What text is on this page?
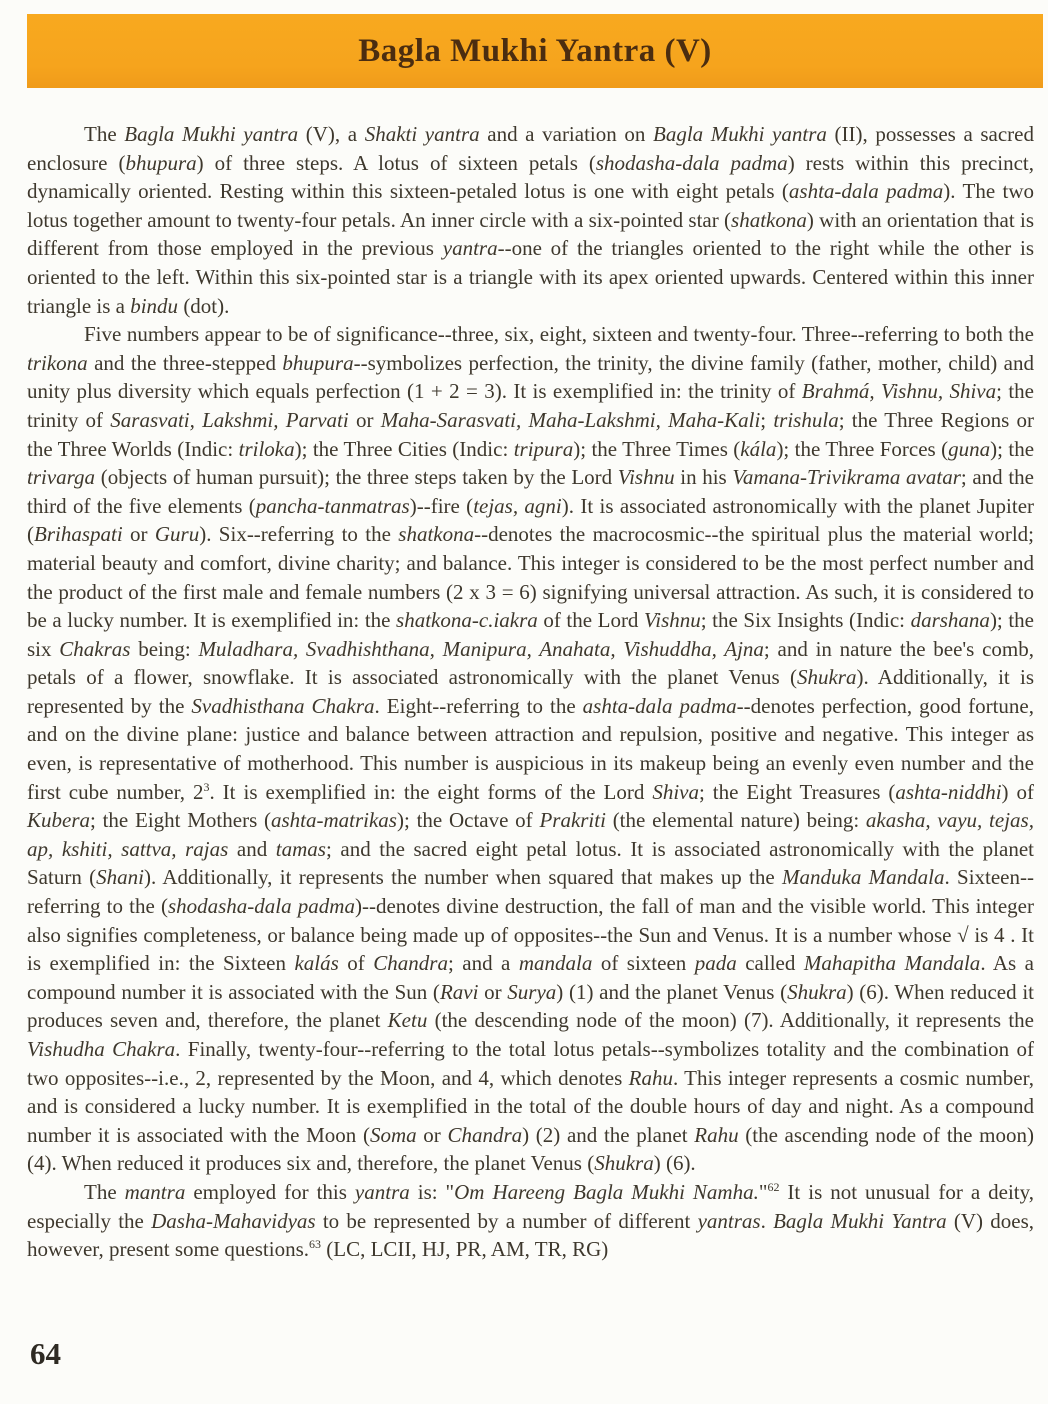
Bagla Mukhi Yantra (V)

The Bagla Mukhi yantra (V), a Shakti yantra and a variation on Bagla Mukhi yantra (II), possesses a sacred enclosure (bhupura) of three steps. A lotus of sixteen petals (shodasha-dala padma) rests within this precinct, dynamically oriented. Resting within this sixteen-petaled lotus is one with eight petals (ashta-dala padma). The two lotus together amount to twenty-four petals. An inner circle with a six-pointed star (shatkona) with an orientation that is different from those employed in the previous yantra--one of the triangles oriented to the right while the other is oriented to the left. Within this six-pointed star is a triangle with its apex oriented upwards. Centered within this inner triangle is a bindu (dot).

Five numbers appear to be of significance--three, six, eight, sixteen and twenty-four. Three--referring to both the trikona and the three-stepped bhupura--symbolizes perfection, the trinity, the divine family (father, mother, child) and unity plus diversity which equals perfection (1 + 2 = 3). It is exemplified in: the trinity of Brahmá, Vishnu, Shiva; the trinity of Sarasvati, Lakshmi, Parvati or Maha-Sarasvati, Maha-Lakshmi, Maha-Kali; trishula; the Three Regions or the Three Worlds (Indic: triloka); the Three Cities (Indic: tripura); the Three Times (kála); the Three Forces (guna); the trivarga (objects of human pursuit); the three steps taken by the Lord Vishnu in his Vamana-Trivikrama avatar; and the third of the five elements (pancha-tanmatras)--fire (tejas, agni). It is associated astronomically with the planet Jupiter (Brihaspati or Guru). Six--referring to the shatkona--denotes the macrocosmic--the spiritual plus the material world; material beauty and comfort, divine charity; and balance. This integer is considered to be the most perfect number and the product of the first male and female numbers (2 x 3 = 6) signifying universal attraction. As such, it is considered to be a lucky number. It is exemplified in: the shatkona-c.iakra of the Lord Vishnu; the Six Insights (Indic: darshana); the six Chakras being: Muladhara, Svadhishthana, Manipura, Anahata, Vishuddha, Ajna; and in nature the bee's comb, petals of a flower, snowflake. It is associated astronomically with the planet Venus (Shukra). Additionally, it is represented by the Svadhisthana Chakra. Eight--referring to the ashta-dala padma--denotes perfection, good fortune, and on the divine plane: justice and balance between attraction and repulsion, positive and negative. This integer as even, is representative of motherhood. This number is auspicious in its makeup being an evenly even number and the first cube number, $2^3$. It is exemplified in: the eight forms of the Lord Shiva; the Eight Treasures (ashta-niddhi) of Kubera; the Eight Mothers (ashta-matrikas); the Octave of Prakriti (the elemental nature) being: akasha, vayu, tejas, ap, kshiti, sattva, rajas and tamas; and the sacred eight petal lotus. It is associated astronomically with the planet Saturn (Shani). Additionally, it represents the number when squared that makes up the Manduka Mandala. Sixteen--referring to the (shodasha-dala padma)--denotes divine destruction, the fall of man and the visible world. This integer also signifies completeness, or balance being made up of opposites--the Sun and Venus. It is a number whose √ is 4 . It is exemplified in: the Sixteen kalás of Chandra; and a mandala of sixteen pada called Mahapitha Mandala. As a compound number it is associated with the Sun (Ravi or Surya) (1) and the planet Venus (Shukra) (6). When reduced it produces seven and, therefore, the planet Ketu (the descending node of the moon) (7). Additionally, it represents the Vishudha Chakra. Finally, twenty-four--referring to the total lotus petals--symbolizes totality and the combination of two opposites--i.e., 2, represented by the Moon, and 4, which denotes Rahu. This integer represents a cosmic number, and is considered a lucky number. It is exemplified in the total of the double hours of day and night. As a compound number it is associated with the Moon (Soma or Chandra) (2) and the planet Rahu (the ascending node of the moon) (4). When reduced it produces six and, therefore, the planet Venus (Shukra) (6).

The mantra employed for this yantra is: "Om Hareeng Bagla Mukhi Namha."$^{62}$ It is not unusual for a deity, especially the Dasha-Mahavidyas to be represented by a number of different yantras. Bagla Mukhi Yantra (V) does, however, present some questions.$^{63}$ (LC, LCII, HJ, PR, AM, TR, RG)

64
